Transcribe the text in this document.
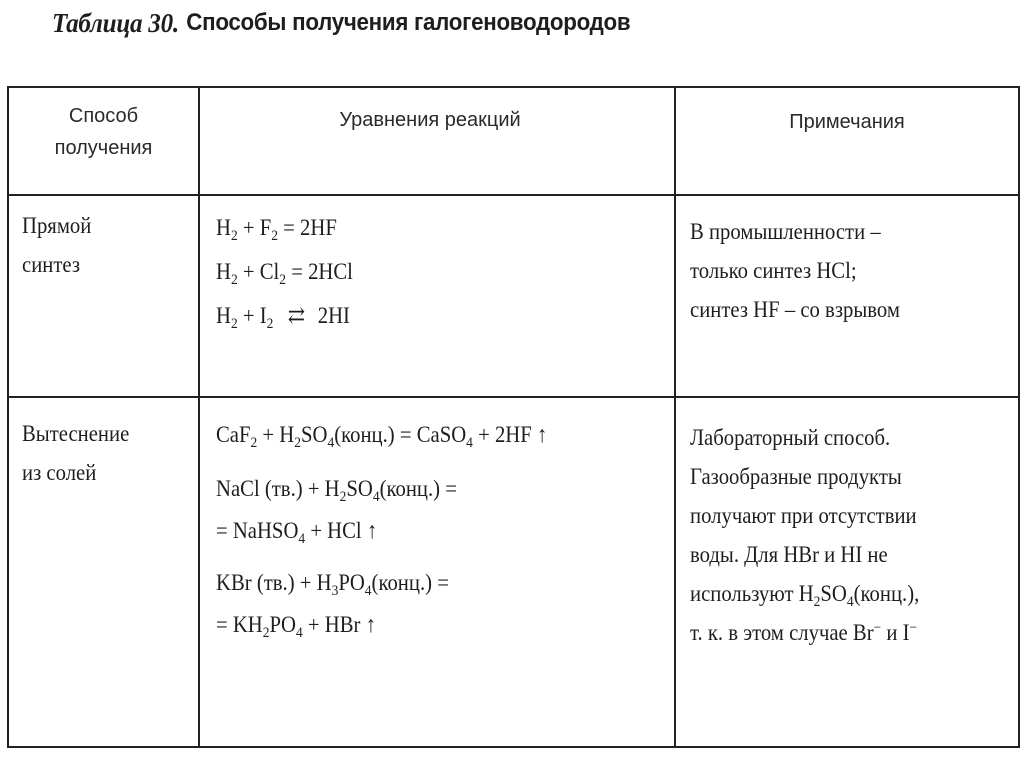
Таблица 30. Способы получения галогеноводородов
Способ
получения
Уравнения реакций	Примечания
Прямой
синтез
$H_2 + F_2 = 2HF$
$H_2 + Cl_2 = 2HCl$
$H_2 + I_2$ ⇄ 2HI
В промышленности –
только синтез HCl;
синтез HF – со взрывом
Вытеснение
из солей
$CaF_2 + H_2SO_4(конц.)$ = CaSO$_4$ + 2HF ↑
NaCl $(тв.) + H_2SO_4(конц.)$ =
= NaHSO$_4$ + HCl ↑
KBr $(тв.) + H_3PO_4(конц.)$ =
= $KH_2PO_4$ + HBr ↑
Лабораторный способ.
Газообразные продукты
получают при отсутствии
воды. Для HBr и HI не
используют $H_2SO_4(конц.)$,
т. к. в этом случае Br− и I−
